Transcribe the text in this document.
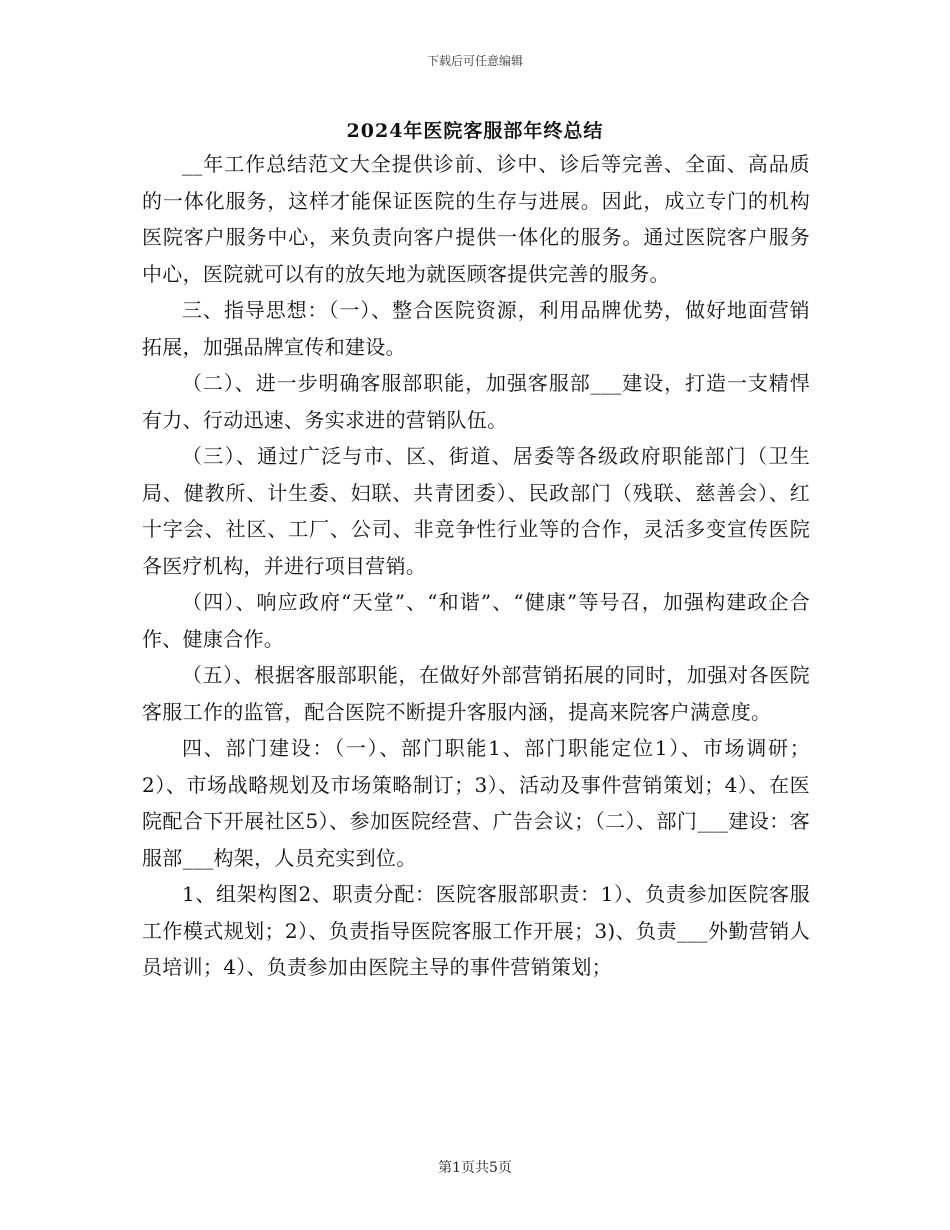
下载后可任意编辑
2024年医院客服部年终总结

__年工作总结范文大全提供诊前、诊中、诊后等完善、全面、高品质的一体化服务，这样才能保证医院的生存与进展。因此，成立专门的机构医院客户服务中心，来负责向客户提供一体化的服务。通过医院客户服务中心，医院就可以有的放矢地为就医顾客提供完善的服务。

三、指导思想：（一）、整合医院资源，利用品牌优势，做好地面营销拓展，加强品牌宣传和建设。

（二）、进一步明确客服部职能，加强客服部___建设，打造一支精悍有力、行动迅速、务实求进的营销队伍。

（三）、通过广泛与市、区、街道、居委等各级政府职能部门（卫生局、健教所、计生委、妇联、共青团委）、民政部门（残联、慈善会）、红十字会、社区、工厂、公司、非竞争性行业等的合作，灵活多变宣传医院各医疗机构，并进行项目营销。

（四）、响应政府“天堂”、“和谐”、“健康”等号召，加强构建政企合作、健康合作。

（五）、根据客服部职能，在做好外部营销拓展的同时，加强对各医院客服工作的监管，配合医院不断提升客服内涵，提高来院客户满意度。

四、部门建设：（一）、部门职能1、部门职能定位1）、市场调研；2）、市场战略规划及市场策略制订；3）、活动及事件营销策划；4）、在医院配合下开展社区5）、参加医院经营、广告会议；（二）、部门___建设：客服部___构架，人员充实到位。

1、组架构图2、职责分配：医院客服部职责：1）、负责参加医院客服工作模式规划；2）、负责指导医院客服工作开展；3)、负责___外勤营销人员培训；4）、负责参加由医院主导的事件营销策划；

第1页共5页
